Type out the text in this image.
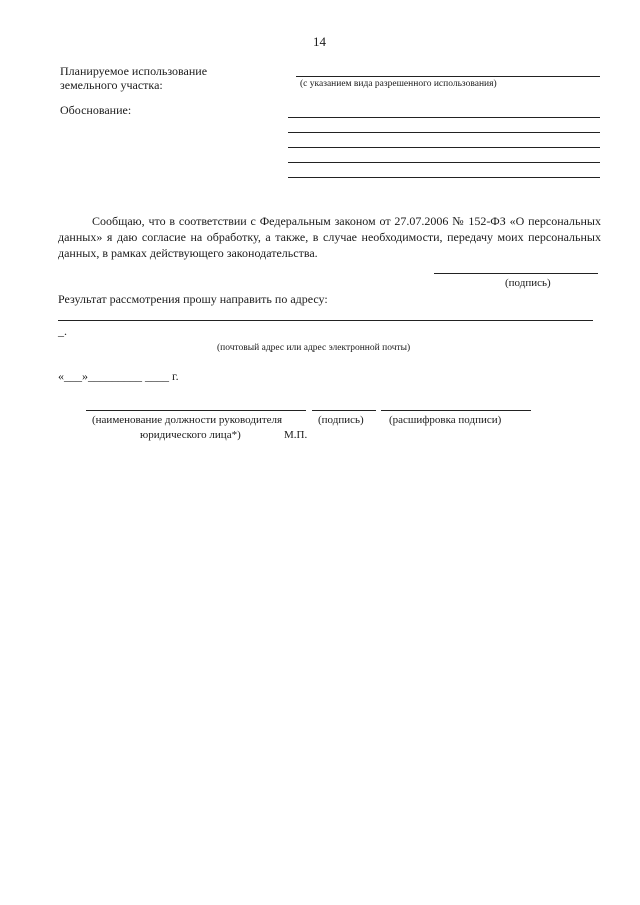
14
Планируемое использование
земельного участка:	(с указанием вида разрешенного использования)
Обоснование:
Сообщаю, что в соответствии с Федеральным законом от 27.07.2006 № 152-ФЗ «О персональных данных» я даю согласие на обработку, а также, в случае необходимости, передачу моих персональных данных, в рамках действующего законодательства.
(подпись)
Результат рассмотрения прошу направить по адресу:
_.
(почтовый адрес или адрес электронной почты)
«___»_________ ____ г.
(наименование должности руководителя	(подпись) (расшифровка подписи)
юридического лица*)	М.П.
